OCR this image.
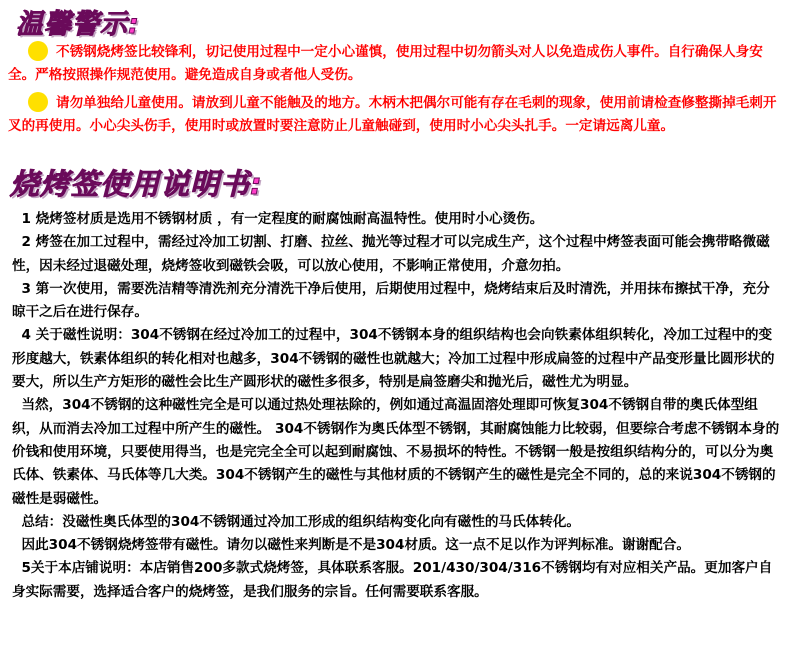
温馨警示:

不锈钢烧烤签比较锋利，切记使用过程中一定小心谨慎，使用过程中切勿箭头对人以免造成伤人事件。自行确保人身安全。严格按照操作规范使用。避免造成自身或者他人受伤。

请勿单独给儿童使用。请放到儿童不能触及的地方。木柄木把偶尔可能有存在毛刺的现象，使用前请检查修整撕掉毛刺开叉的再使用。小心尖头伤手，使用时或放置时要注意防止儿童触碰到，使用时小心尖头扎手。一定请远离儿童。

烧烤签使用说明书:

1 烧烤签材质是选用不锈钢材质 ，有一定程度的耐腐蚀耐高温特性。使用时小心烫伤。

2 烤签在加工过程中，需经过冷加工切割、打磨、拉丝、抛光等过程才可以完成生产，这个过程中烤签表面可能会携带略微磁性，因未经过退磁处理，烧烤签收到磁铁会吸，可以放心使用，不影响正常使用，介意勿拍。

3 第一次使用，需要洗洁精等清洗剂充分清洗干净后使用，后期使用过程中，烧烤结束后及时清洗，并用抹布擦拭干净，充分晾干之后在进行保存。

4 关于磁性说明：304不锈钢在经过冷加工的过程中，304不锈钢本身的组织结构也会向铁素体组织转化，冷加工过程中的变形度越大，铁素体组织的转化相对也越多，304不锈钢的磁性也就越大；冷加工过程中形成扁签的过程中产品变形量比圆形状的要大，所以生产方矩形的磁性会比生产圆形状的磁性多很多，特别是扁签磨尖和抛光后，磁性尤为明显。

当然，304不锈钢的这种磁性完全是可以通过热处理祛除的，例如通过高温固溶处理即可恢复304不锈钢自带的奥氏体型组织，从而消去冷加工过程中所产生的磁性。 304不锈钢作为奥氏体型不锈钢，其耐腐蚀能力比较弱，但要综合考虑不锈钢本身的价钱和使用环境，只要使用得当，也是完完全全可以起到耐腐蚀、不易损坏的特性。不锈钢一般是按组织结构分的，可以分为奥氏体、铁素体、马氏体等几大类。304不锈钢产生的磁性与其他材质的不锈钢产生的磁性是完全不同的，总的来说304不锈钢的磁性是弱磁性。

总结：没磁性奥氏体型的304不锈钢通过冷加工形成的组织结构变化向有磁性的马氏体转化。

因此304不锈钢烧烤签带有磁性。请勿以磁性来判断是不是304材质。这一点不足以作为评判标准。谢谢配合。

5关于本店铺说明：本店销售200多款式烧烤签，具体联系客服。201/430/304/316不锈钢均有对应相关产品。更加客户自身实际需要，选择适合客户的烧烤签，是我们服务的宗旨。任何需要联系客服。
